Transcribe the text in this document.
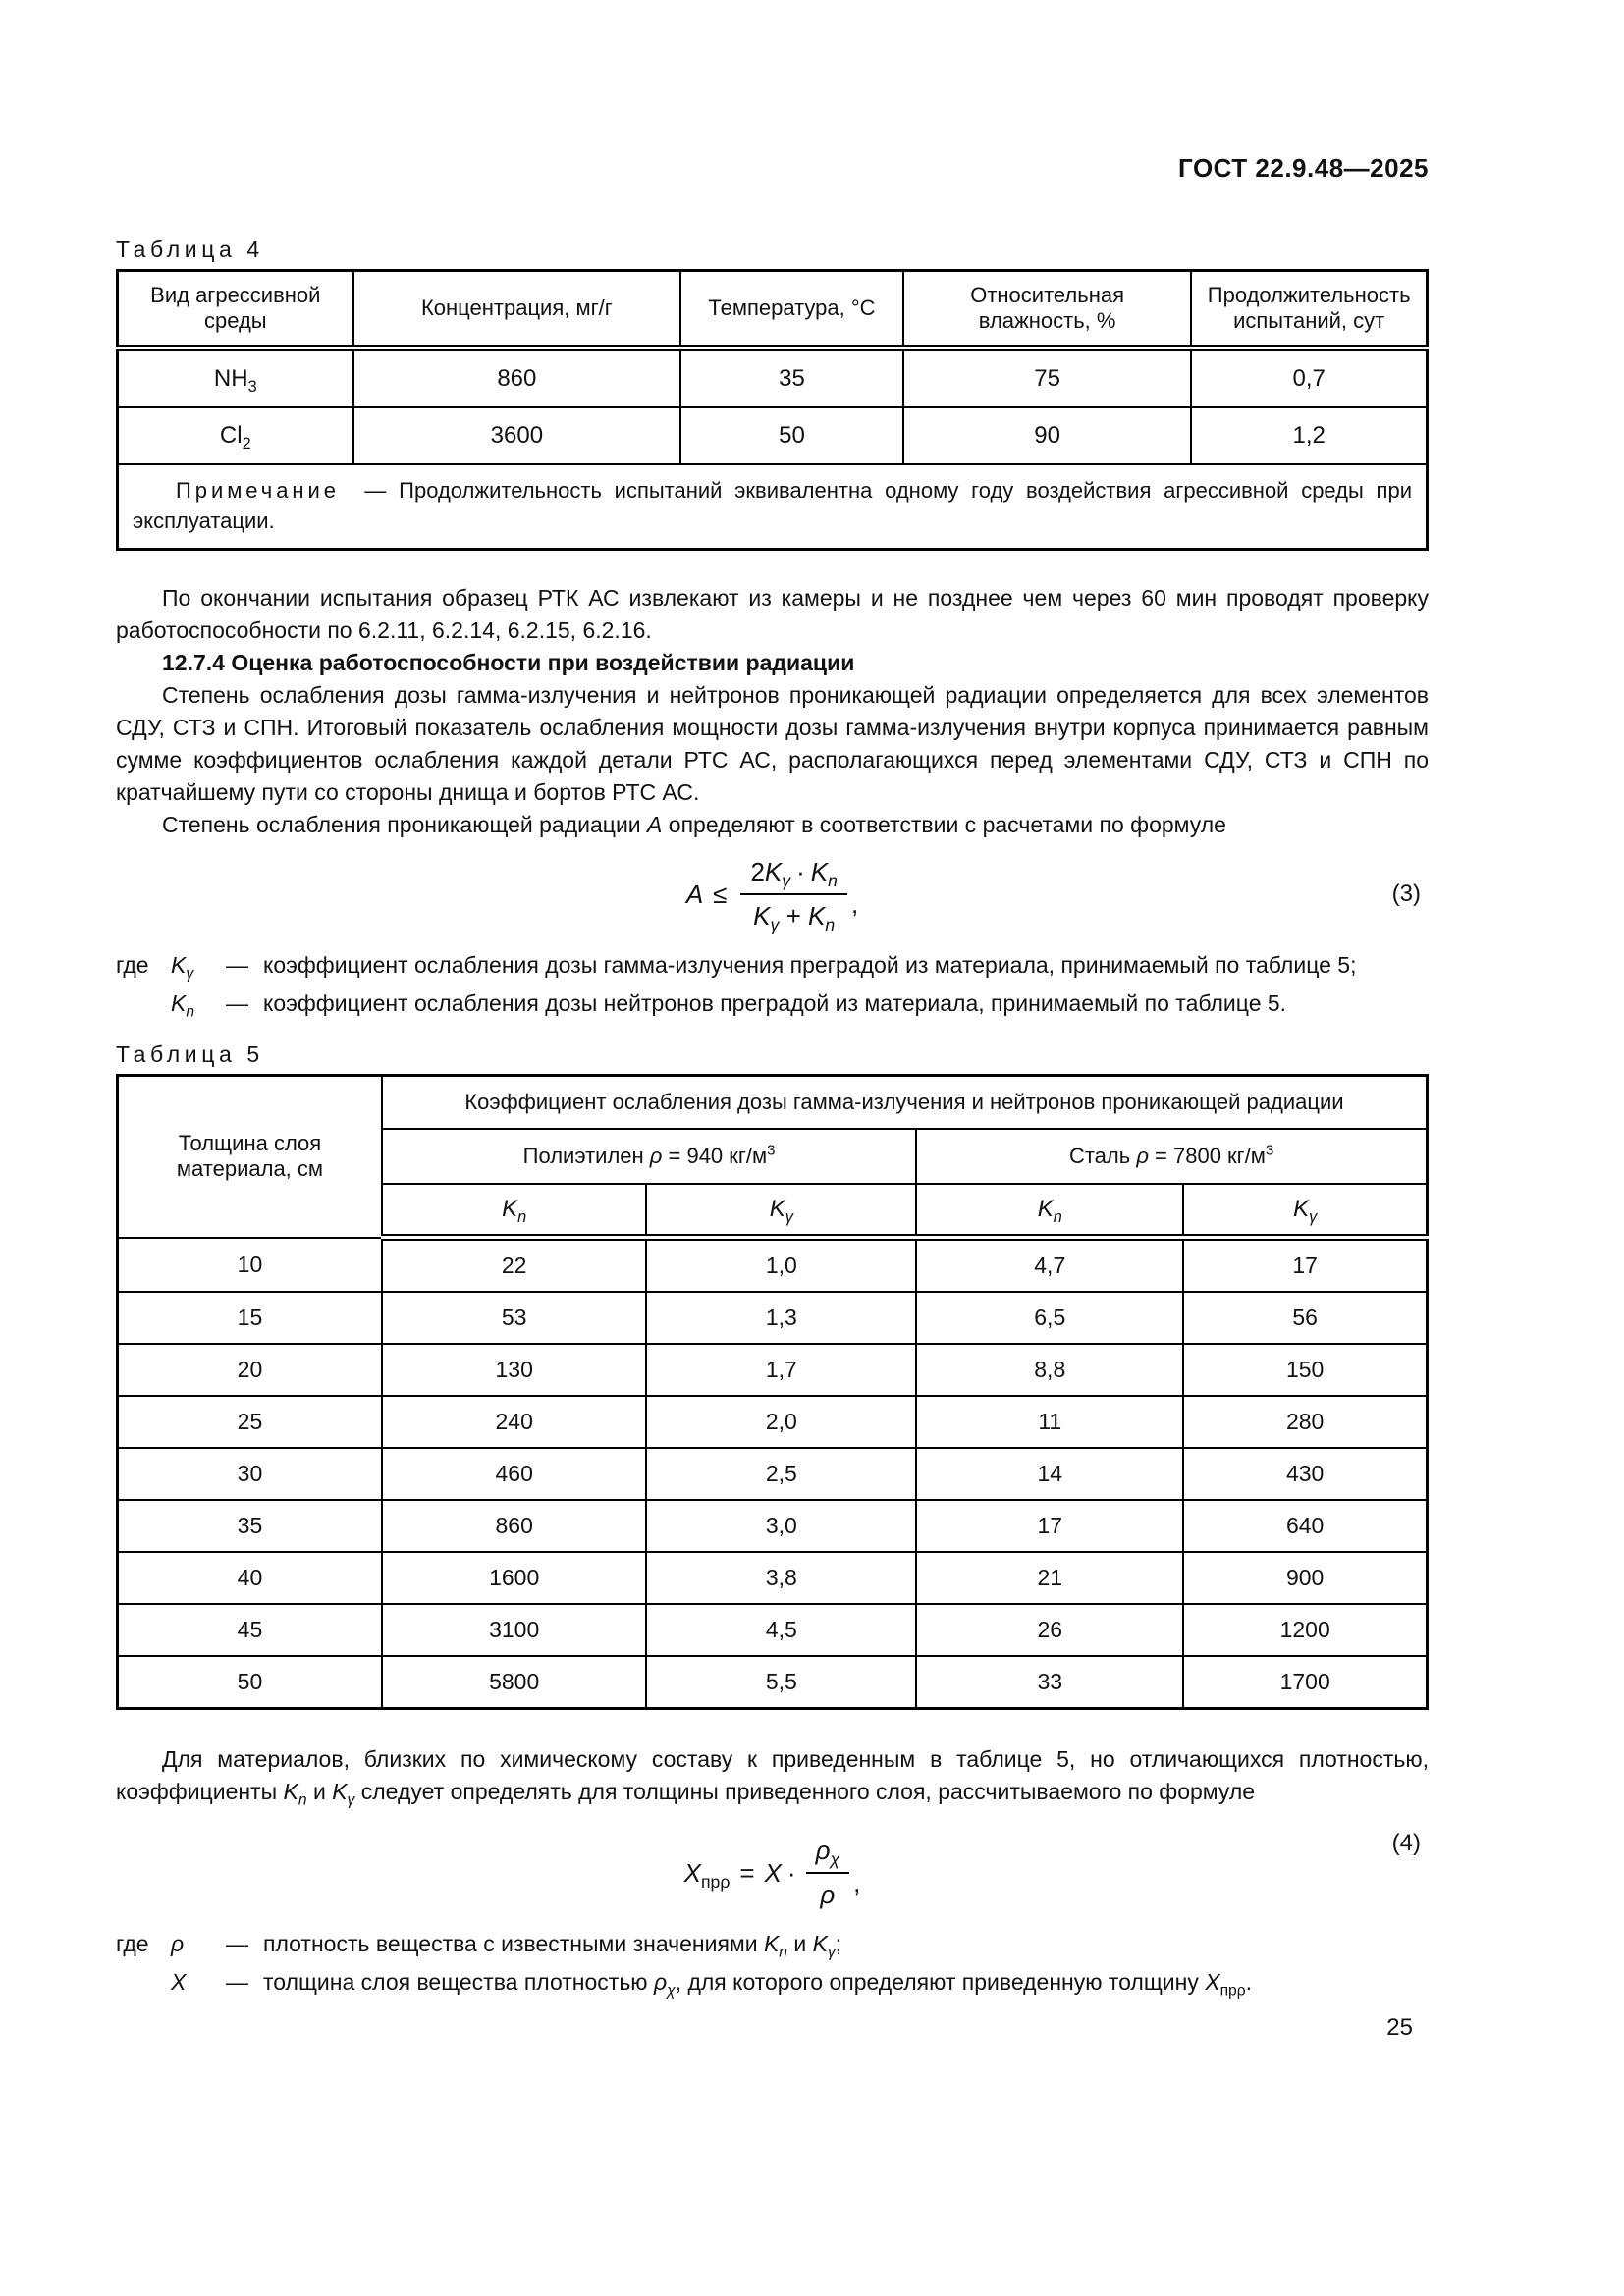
ГОСТ 22.9.48—2025
Таблица 4
Вид агрессивной среды	Концентрация, мг/г	Температура, °С	Относительная влажность, %	Продолжительность испытаний, сут
$NH_3$	860	35	75	0,7
$Cl_2$	3600	50	90	1,2

Примечание — Продолжительность испытаний эквивалентна одному году воздействия агрессивной среды при эксплуатации.				

По окончании испытания образец РТК АС извлекают из камеры и не позднее чем через 60 мин проводят проверку работоспособности по 6.2.11, 6.2.14, 6.2.15, 6.2.16.

12.7.4 Оценка работоспособности при воздействии радиации

Степень ослабления дозы гамма-излучения и нейтронов проникающей радиации определяется для всех элементов СДУ, СТЗ и СПН. Итоговый показатель ослабления мощности дозы гамма-излучения внутри корпуса принимается равным сумме коэффициентов ослабления каждой детали РТС АС, располагающихся перед элементами СДУ, СТЗ и СПН по кратчайшему пути со стороны днища и бортов РТС АС.

Степень ослабления проникающей радиации A определяют в соответствии с расчетами по формуле

$A \le \frac{2K_\gamma \cdot K_n}{K_\gamma + K_n}$ ,	(3)
где $K_\gamma$	— коэффициент ослабления дозы гамма-излучения преградой из материала, принимаемый по таблице 5;
$K_n$	— коэффициент ослабления дозы нейтронов преградой из материала, принимаемый по таблице 5.
Таблица 5
Толщина слоя материала, см	Коэффициент ослабления дозы гамма-излучения и нейтронов проникающей радиации			
	Полиэтилен ρ = 940 $кг/м^3$		Сталь ρ = 7800 $кг/м^3$
	$K_n$	$K_\gamma$	$K_n$	$K_\gamma$
10	22	1,0	4,7	17
15	53	1,3	6,5	56
20	130	1,7	8,8	150
25	240	2,0	11	280
30	460	2,5	14	430
35	860	3,0	17	640
40	1600	3,8	21	900
45	3100	4,5	26	1200
50	5800	5,5	33	1700

Для материалов, близких по химическому составу к приведенным в таблице 5, но отличающихся плотностью, коэффициенты $K_n$ и $K_\gamma$ следует определять для толщины приведенного слоя, рассчитываемого по формуле

$X_{пр\rho} = X \cdot \frac{\rho_\chi}{\rho}$ ,
(4)
где ρ	— плотность вещества с известными значениями $K_n$ и $K_\gamma$;
X	— толщина слоя вещества плотностью $\rho_\chi$, для которого определяют приведенную толщину $X_{пр\rho}$.
25
